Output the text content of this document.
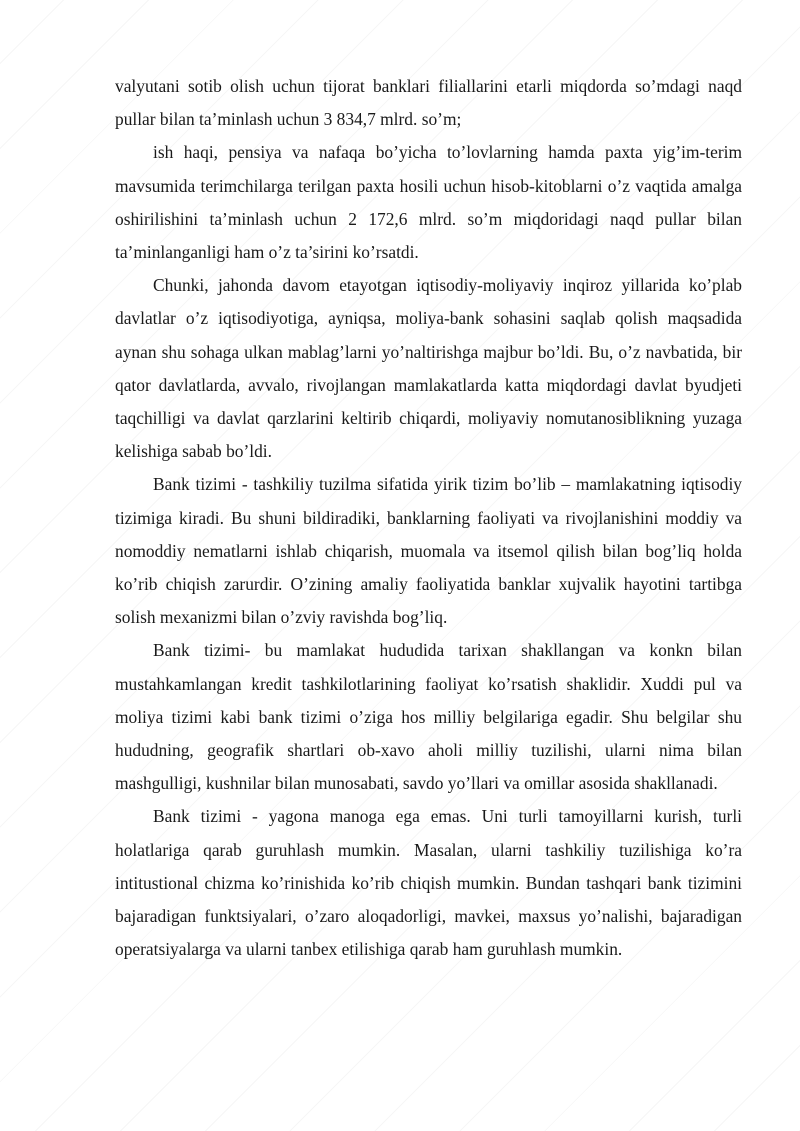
valyutani sotib olish uchun tijorat banklari filiallarini etarli miqdorda so’mdagi naqd pullar bilan ta’minlash uchun 3 834,7 mlrd. so’m;

ish haqi, pensiya va nafaqa bo’yicha to’lovlarning hamda paxta yig’im-terim mavsumida terimchilarga terilgan paxta hosili uchun hisob-kitoblarni o’z vaqtida amalga oshirilishini ta’minlash uchun 2 172,6 mlrd. so’m miqdoridagi naqd pullar bilan ta’minlanganligi ham o’z ta’sirini ko’rsatdi.

Chunki, jahonda davom etayotgan iqtisodiy-moliyaviy inqiroz yillarida ko’plab davlatlar o’z iqtisodiyotiga, ayniqsa, moliya-bank sohasini saqlab qolish maqsadida aynan shu sohaga ulkan mablag’larni yo’naltirishga majbur bo’ldi. Bu, o’z navbatida, bir qator davlatlarda, avvalo, rivojlangan mamlakatlarda katta miqdordagi davlat byudjeti taqchilligi va davlat qarzlarini keltirib chiqardi, moliyaviy nomutanosiblikning yuzaga kelishiga sabab bo’ldi.

Bank tizimi - tashkiliy tuzilma sifatida yirik tizim bo’lib – mamlakatning iqtisodiy tizimiga kiradi. Bu shuni bildiradiki, banklarning faoliyati va rivojlanishini moddiy va nomoddiy nematlarni ishlab chiqarish, muomala va itsemol qilish bilan bog’liq holda ko’rib chiqish zarurdir. O’zining amaliy faoliyatida banklar xujvalik hayotini tartibga solish mexanizmi bilan o’zviy ravishda bog’liq.

Bank tizimi- bu mamlakat hududida tarixan shakllangan va konkn bilan mustahkamlangan kredit tashkilotlarining faoliyat ko’rsatish shaklidir. Xuddi pul va moliya tizimi kabi bank tizimi o’ziga hos milliy belgilariga egadir. Shu belgilar shu hududning, geografik shartlari ob-xavo aholi milliy tuzilishi, ularni nima bilan mashgulligi, kushnilar bilan munosabati, savdo yo’llari va omillar asosida shakllanadi.

Bank tizimi - yagona manoga ega emas. Uni turli tamoyillarni kurish, turli holatlariga qarab guruhlash mumkin. Masalan, ularni tashkiliy tuzilishiga ko’ra intitustional chizma ko’rinishida ko’rib chiqish mumkin. Bundan tashqari bank tizimini bajaradigan funktsiyalari, o’zaro aloqadorligi, mavkei, maxsus yo’nalishi, bajaradigan operatsiyalarga va ularni tanbex etilishiga qarab ham guruhlash mumkin.
